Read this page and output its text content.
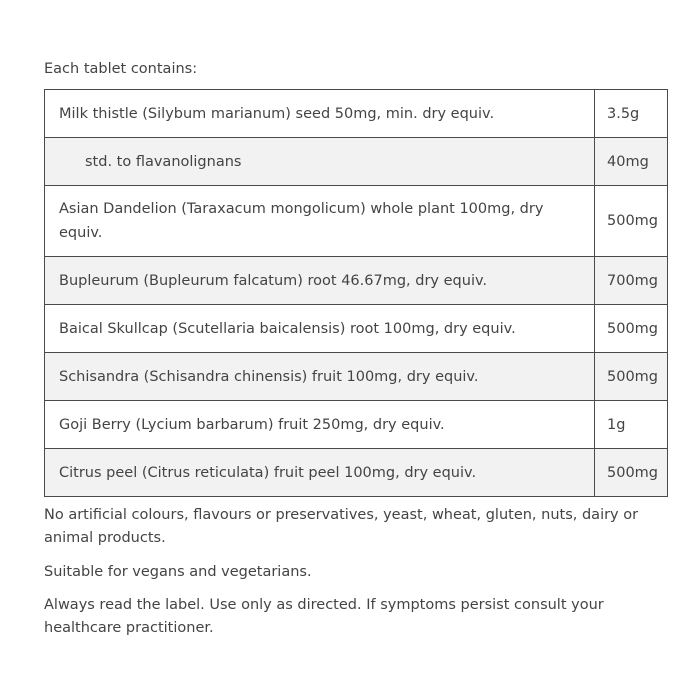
Each tablet contains:
Milk thistle (Silybum marianum) seed 50mg, min. dry equiv.	3.5g
std. to flavanolignans	40mg
Asian Dandelion (Taraxacum mongolicum) whole plant 100mg, dry equiv.	500mg
Bupleurum (Bupleurum falcatum) root 46.67mg, dry equiv.	700mg
Baical Skullcap (Scutellaria baicalensis) root 100mg, dry equiv.	500mg
Schisandra (Schisandra chinensis) fruit 100mg, dry equiv.	500mg
Goji Berry (Lycium barbarum) fruit 250mg, dry equiv.	1g
Citrus peel (Citrus reticulata) fruit peel 100mg, dry equiv.	500mg

No artificial colours, flavours or preservatives, yeast, wheat, gluten, nuts, dairy or animal products.

Suitable for vegans and vegetarians.

Always read the label. Use only as directed. If symptoms persist consult your healthcare practitioner.
